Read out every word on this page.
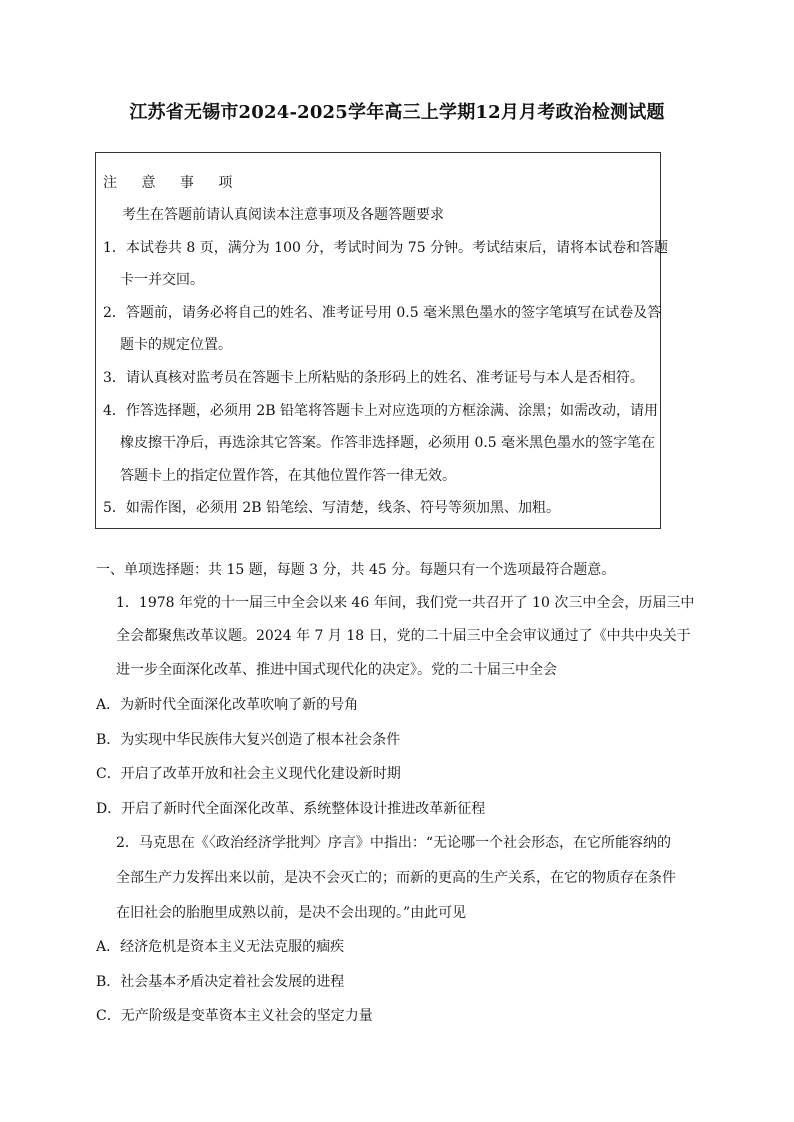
江苏省无锡市2024-2025学年高三上学期12月月考政治检测试题
注 意 事 项
考生在答题前请认真阅读本注意事项及各题答题要求
1．本试卷共 8 页，满分为 100 分，考试时间为 75 分钟。考试结束后，请将本试卷和答题
卡一并交回。
2．答题前，请务必将自己的姓名、准考证号用 0.5 毫米黑色墨水的签字笔填写在试卷及答
题卡的规定位置。
3．请认真核对监考员在答题卡上所粘贴的条形码上的姓名、准考证号与本人是否相符。
4．作答选择题，必须用 2B 铅笔将答题卡上对应选项的方框涂满、涂黑；如需改动，请用
橡皮擦干净后，再选涂其它答案。作答非选择题，必须用 0.5 毫米黑色墨水的签字笔在
答题卡上的指定位置作答，在其他位置作答一律无效。
5．如需作图，必须用 2B 铅笔绘、写清楚，线条、符号等须加黑、加粗。
一、单项选择题：共 15 题，每题 3 分，共 45 分。每题只有一个选项最符合题意。
1．1978 年党的十一届三中全会以来 46 年间，我们党一共召开了 10 次三中全会，历届三中
全会都聚焦改革议题。2024 年 7 月 18 日，党的二十届三中全会审议通过了《中共中央关于
进一步全面深化改革、推进中国式现代化的决定》。党的二十届三中全会
A．为新时代全面深化改革吹响了新的号角
B．为实现中华民族伟大复兴创造了根本社会条件
C．开启了改革开放和社会主义现代化建设新时期
D．开启了新时代全面深化改革、系统整体设计推进改革新征程
2．马克思在《〈政治经济学批判〉序言》中指出：“无论哪一个社会形态，在它所能容纳的
全部生产力发挥出来以前，是决不会灭亡的；而新的更高的生产关系，在它的物质存在条件
在旧社会的胎胞里成熟以前，是决不会出现的。”由此可见
A．经济危机是资本主义无法克服的痼疾
B．社会基本矛盾决定着社会发展的进程
C．无产阶级是变革资本主义社会的坚定力量
